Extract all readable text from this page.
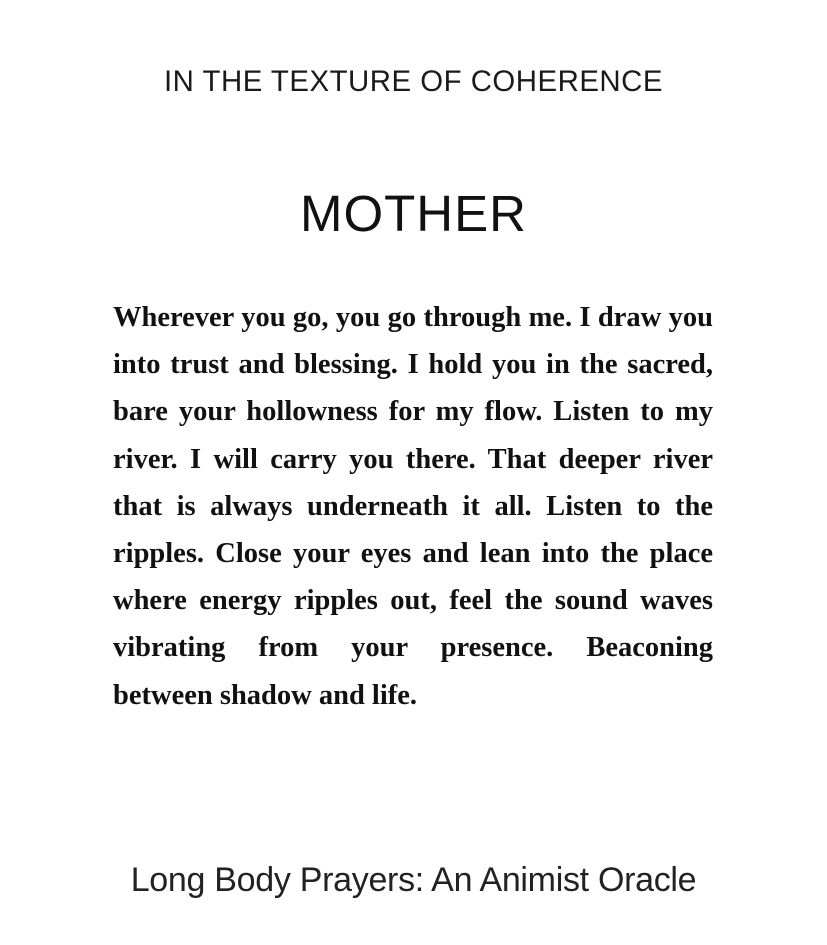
IN THE TEXTURE OF COHERENCE
MOTHER

Wherever you go, you go through me. I draw you into trust and blessing. I hold you in the sacred, bare your hollowness for my flow. Listen to my river. I will carry you there. That deeper river that is always underneath it all. Listen to the ripples. Close your eyes and lean into the place where energy ripples out, feel the sound waves vibrating from your presence. Beaconing between shadow and life.

Long Body Prayers: An Animist Oracle
